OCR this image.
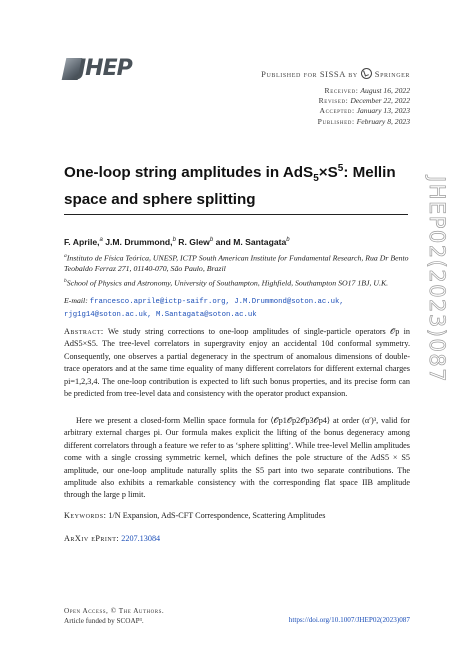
JHEP	Published for SISSA by Springer
Received: August 16, 2022
Revised: December 22, 2022
Accepted: January 13, 2023
Published: February 8, 2023
One-loop string amplitudes in $AdS_5\times S^5$: Mellin space and sphere splitting	JHEP02(2023)087
F. Aprile,$^a$ J.M. Drummond,$^b$ R. Glew$^b$ and M. Santagata$^b$

$^a$Instituto de Física Teórica, UNESP, ICTP South American Institute for Fundamental Research, Rua Dr Bento Teobaldo Ferraz 271, 01140-070, São Paulo, Brazil

$^b$School of Physics and Astronomy, University of Southampton, Highfield, Southampton SO17 1BJ, U.K.

E-mail: francesco.aprile@ictp-saifr.org, J.M.Drummond@soton.ac.uk, rjg1g14@soton.ac.uk, M.Santagata@soton.ac.uk
Abstract: We study string corrections to one-loop amplitudes of single-particle operators 𝒪p in AdS5×S5. The tree-level correlators in supergravity enjoy an accidental 10d conformal symmetry. Consequently, one observes a partial degeneracy in the spectrum of anomalous dimensions of double-trace operators and at the same time equality of many different correlators for different external charges pi=1,2,3,4. The one-loop contribution is expected to lift such bonus properties, and its precise form can be predicted from tree-level data and consistency with the operator product expansion.
Here we present a closed-form Mellin space formula for ⟨𝒪p1𝒪p2𝒪p3𝒪p4⟩ at order (α′)³, valid for arbitrary external charges pi. Our formula makes explicit the lifting of the bonus degeneracy among different correlators through a feature we refer to as ‘sphere splitting’. While tree-level Mellin amplitudes come with a single crossing symmetric kernel, which defines the pole structure of the AdS5 × S5 amplitude, our one-loop amplitude naturally splits the S5 part into two separate contributions. The amplitude also exhibits a remarkable consistency with the corresponding flat space IIB amplitude through the large p limit.
Keywords: 1/N Expansion, AdS-CFT Correspondence, Scattering Amplitudes
ArXiv ePrint: 2207.13084
Open Access, © The Authors.
Article funded by SCOAP³.	https://doi.org/10.1007/JHEP02(2023)087
